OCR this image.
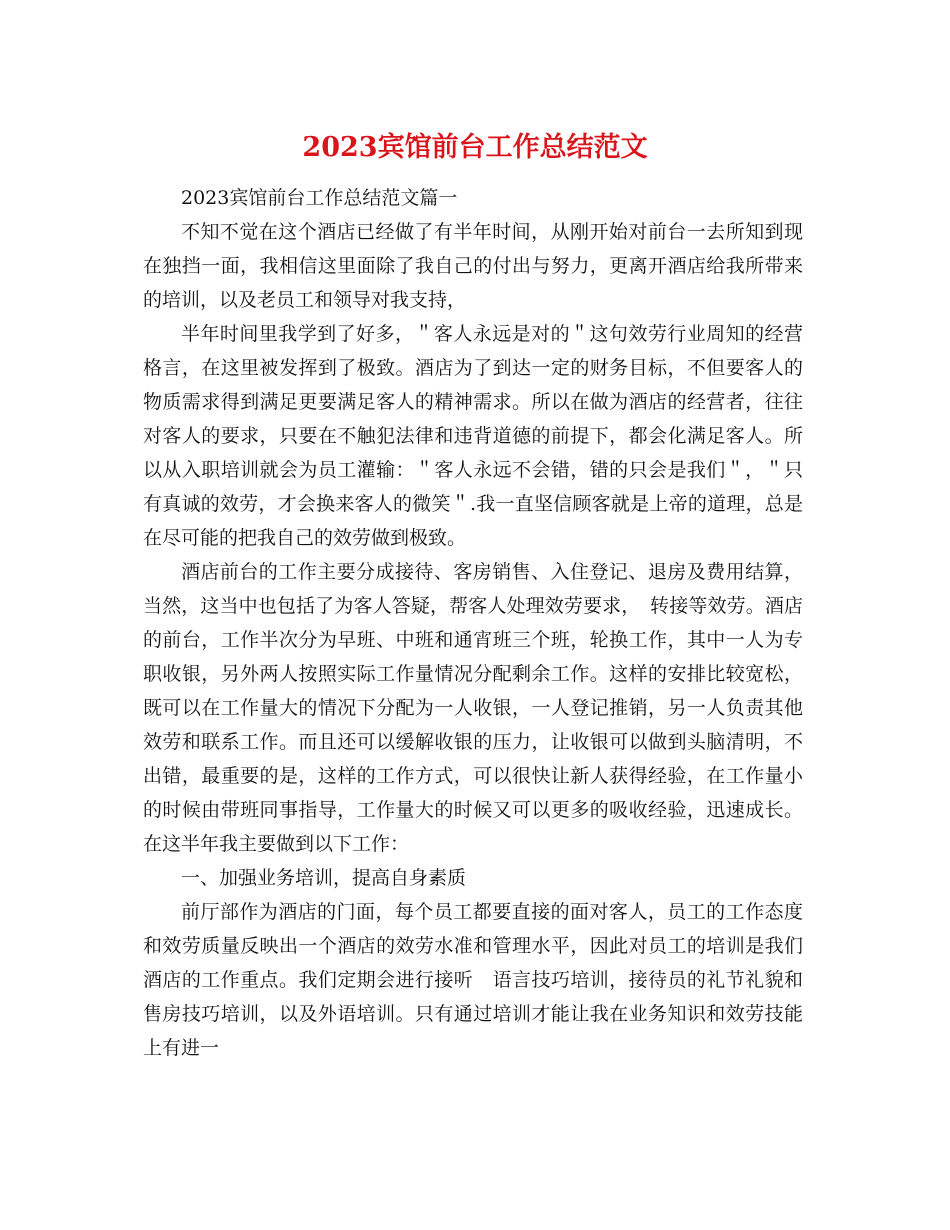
2023宾馆前台工作总结范文

2023宾馆前台工作总结范文篇一

不知不觉在这个酒店已经做了有半年时间，从刚开始对前台一去所知到现在独挡一面，我相信这里面除了我自己的付出与努力，更离开酒店给我所带来的培训，以及老员工和领导对我支持，

半年时间里我学到了好多，＂客人永远是对的＂这句效劳行业周知的经营格言，在这里被发挥到了极致。酒店为了到达一定的财务目标，不但要客人的物质需求得到满足更要满足客人的精神需求。所以在做为酒店的经营者，往往对客人的要求，只要在不触犯法律和违背道德的前提下，都会化满足客人。所以从入职培训就会为员工灌输：＂客人永远不会错，错的只会是我们＂，＂只有真诚的效劳，才会换来客人的微笑＂.我一直坚信顾客就是上帝的道理，总是在尽可能的把我自己的效劳做到极致。

酒店前台的工作主要分成接待、客房销售、入住登记、退房及费用结算，当然，这当中也包括了为客人答疑，帮客人处理效劳要求，　转接等效劳。酒店的前台，工作半次分为早班、中班和通宵班三个班，轮换工作，其中一人为专职收银，另外两人按照实际工作量情况分配剩余工作。这样的安排比较宽松，既可以在工作量大的情况下分配为一人收银，一人登记推销，另一人负责其他效劳和联系工作。而且还可以缓解收银的压力，让收银可以做到头脑清明，不出错，最重要的是，这样的工作方式，可以很快让新人获得经验，在工作量小的时候由带班同事指导，工作量大的时候又可以更多的吸收经验，迅速成长。在这半年我主要做到以下工作：

一、加强业务培训，提高自身素质

前厅部作为酒店的门面，每个员工都要直接的面对客人，员工的工作态度和效劳质量反映出一个酒店的效劳水准和管理水平，因此对员工的培训是我们酒店的工作重点。我们定期会进行接听　语言技巧培训，接待员的礼节礼貌和售房技巧培训，以及外语培训。只有通过培训才能让我在业务知识和效劳技能上有进一
